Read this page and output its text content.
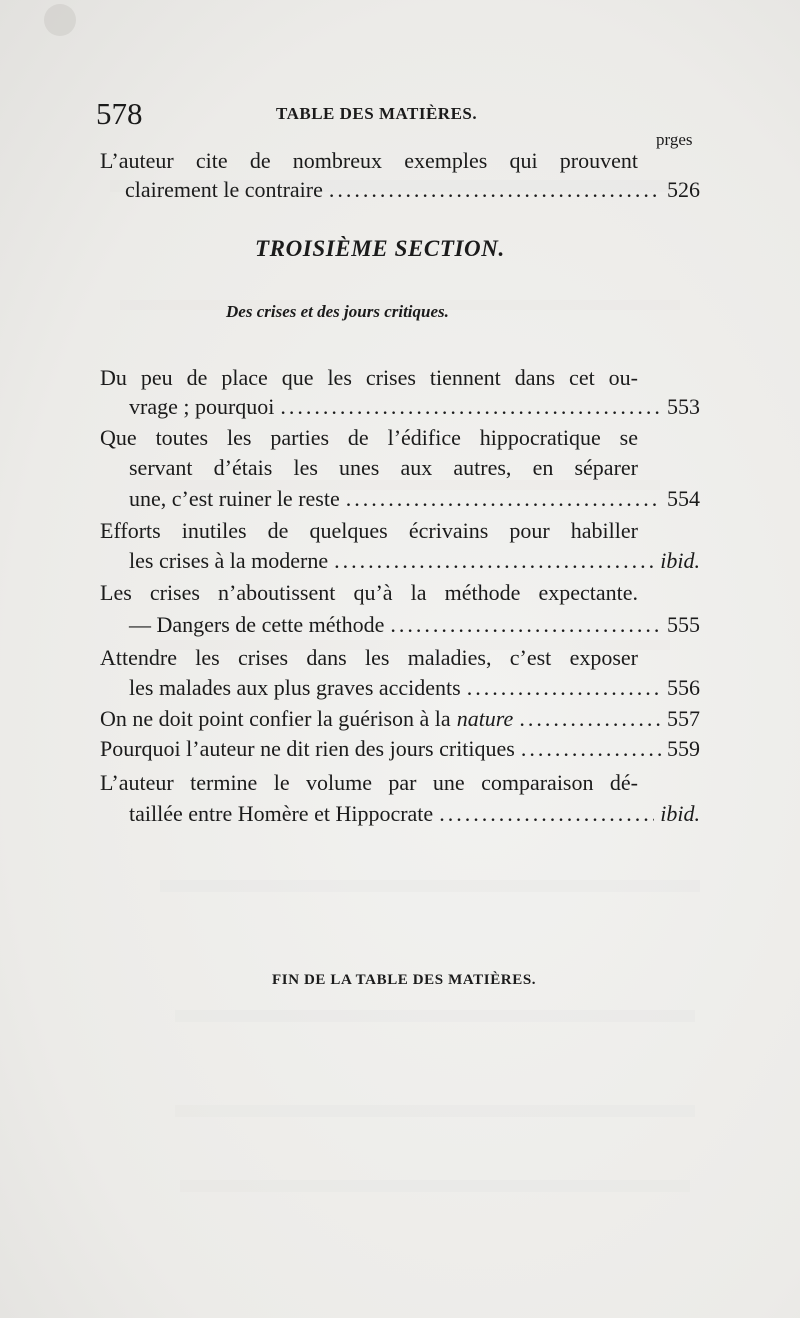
578	TABLE DES MATIÈRES.
prges
L’auteur cite de nombreux exemples qui prouvent
clairement le contraire .....	526
TROISIÈME SECTION.
Des crises et des jours critiques.
Du peu de place que les crises tiennent dans cet ou-
vrage ; pourquoi .....	553
Que toutes les parties de l’édifice hippocratique se
servant d’étais les unes aux autres, en séparer
une, c’est ruiner le reste .....	554
Efforts inutiles de quelques écrivains pour habiller
les crises à la moderne .....	ibid.
Les crises n’aboutissent qu’à la méthode expectante.
— Dangers de cette méthode .....	555
Attendre les crises dans les maladies, c’est exposer
les malades aux plus graves accidents .....	556
On ne doit point confier la guérison à la nature .....	557
Pourquoi l’auteur ne dit rien des jours critiques .....	559
L’auteur termine le volume par une comparaison dé-
taillée entre Homère et Hippocrate .....	ibid.
FIN DE LA TABLE DES MATIÈRES.
